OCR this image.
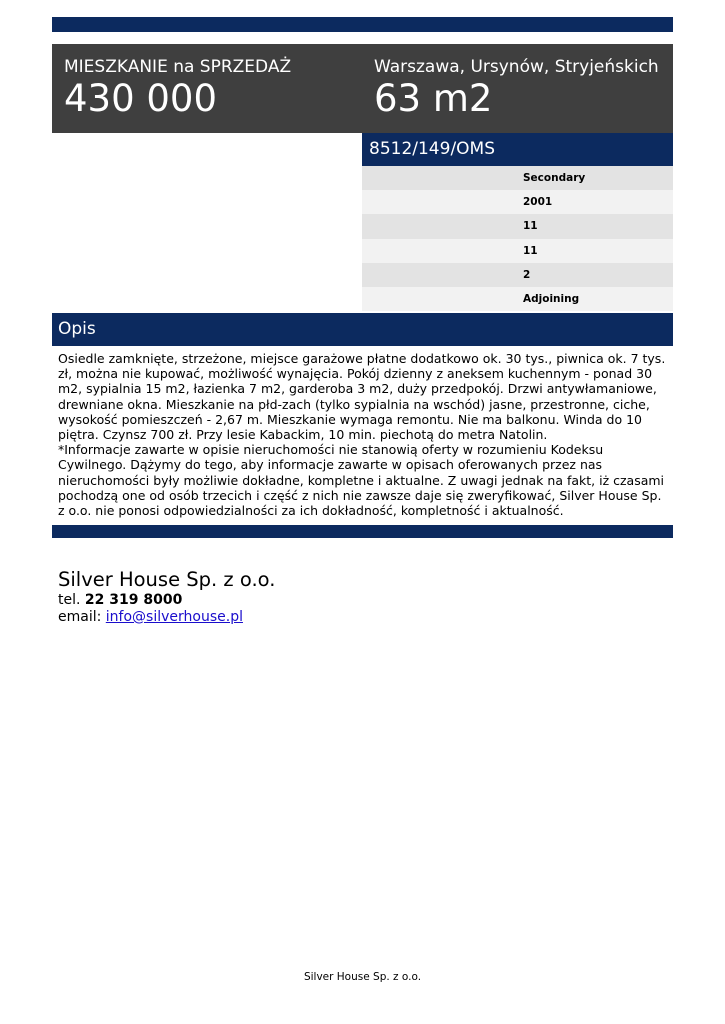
MIESZKANIE na SPRZEDAŻ
430 000
Warszawa, Ursynów, Stryjeńskich
63 m2
8512/149/OMS
Secondary
2001
11
11
2
Adjoining
Opis

Osiedle zamknięte, strzeżone, miejsce garażowe płatne dodatkowo ok. 30 tys., piwnica ok. 7 tys. zł, można nie kupować, możliwość wynajęcia. Pokój dzienny z aneksem kuchennym - ponad 30 m2, sypialnia 15 m2, łazienka 7 m2, garderoba 3 m2, duży przedpokój. Drzwi antywłamaniowe, drewniane okna. Mieszkanie na płd-zach (tylko sypialnia na wschód) jasne, przestronne, ciche, wysokość pomieszczeń - 2,67 m. Mieszkanie wymaga remontu. Nie ma balkonu. Winda do 10 piętra. Czynsz 700 zł. Przy lesie Kabackim, 10 min. piechotą do metra Natolin.

*Informacje zawarte w opisie nieruchomości nie stanowią oferty w rozumieniu Kodeksu Cywilnego. Dążymy do tego, aby informacje zawarte w opisach oferowanych przez nas nieruchomości były możliwie dokładne, kompletne i aktualne. Z uwagi jednak na fakt, iż czasami pochodzą one od osób trzecich i część z nich nie zawsze daje się zweryfikować, Silver House Sp. z o.o. nie ponosi odpowiedzialności za ich dokładność, kompletność i aktualność.

Silver House Sp. z o.o.
tel. 22 319 8000
email: info@silverhouse.pl
Silver House Sp. z o.o.
